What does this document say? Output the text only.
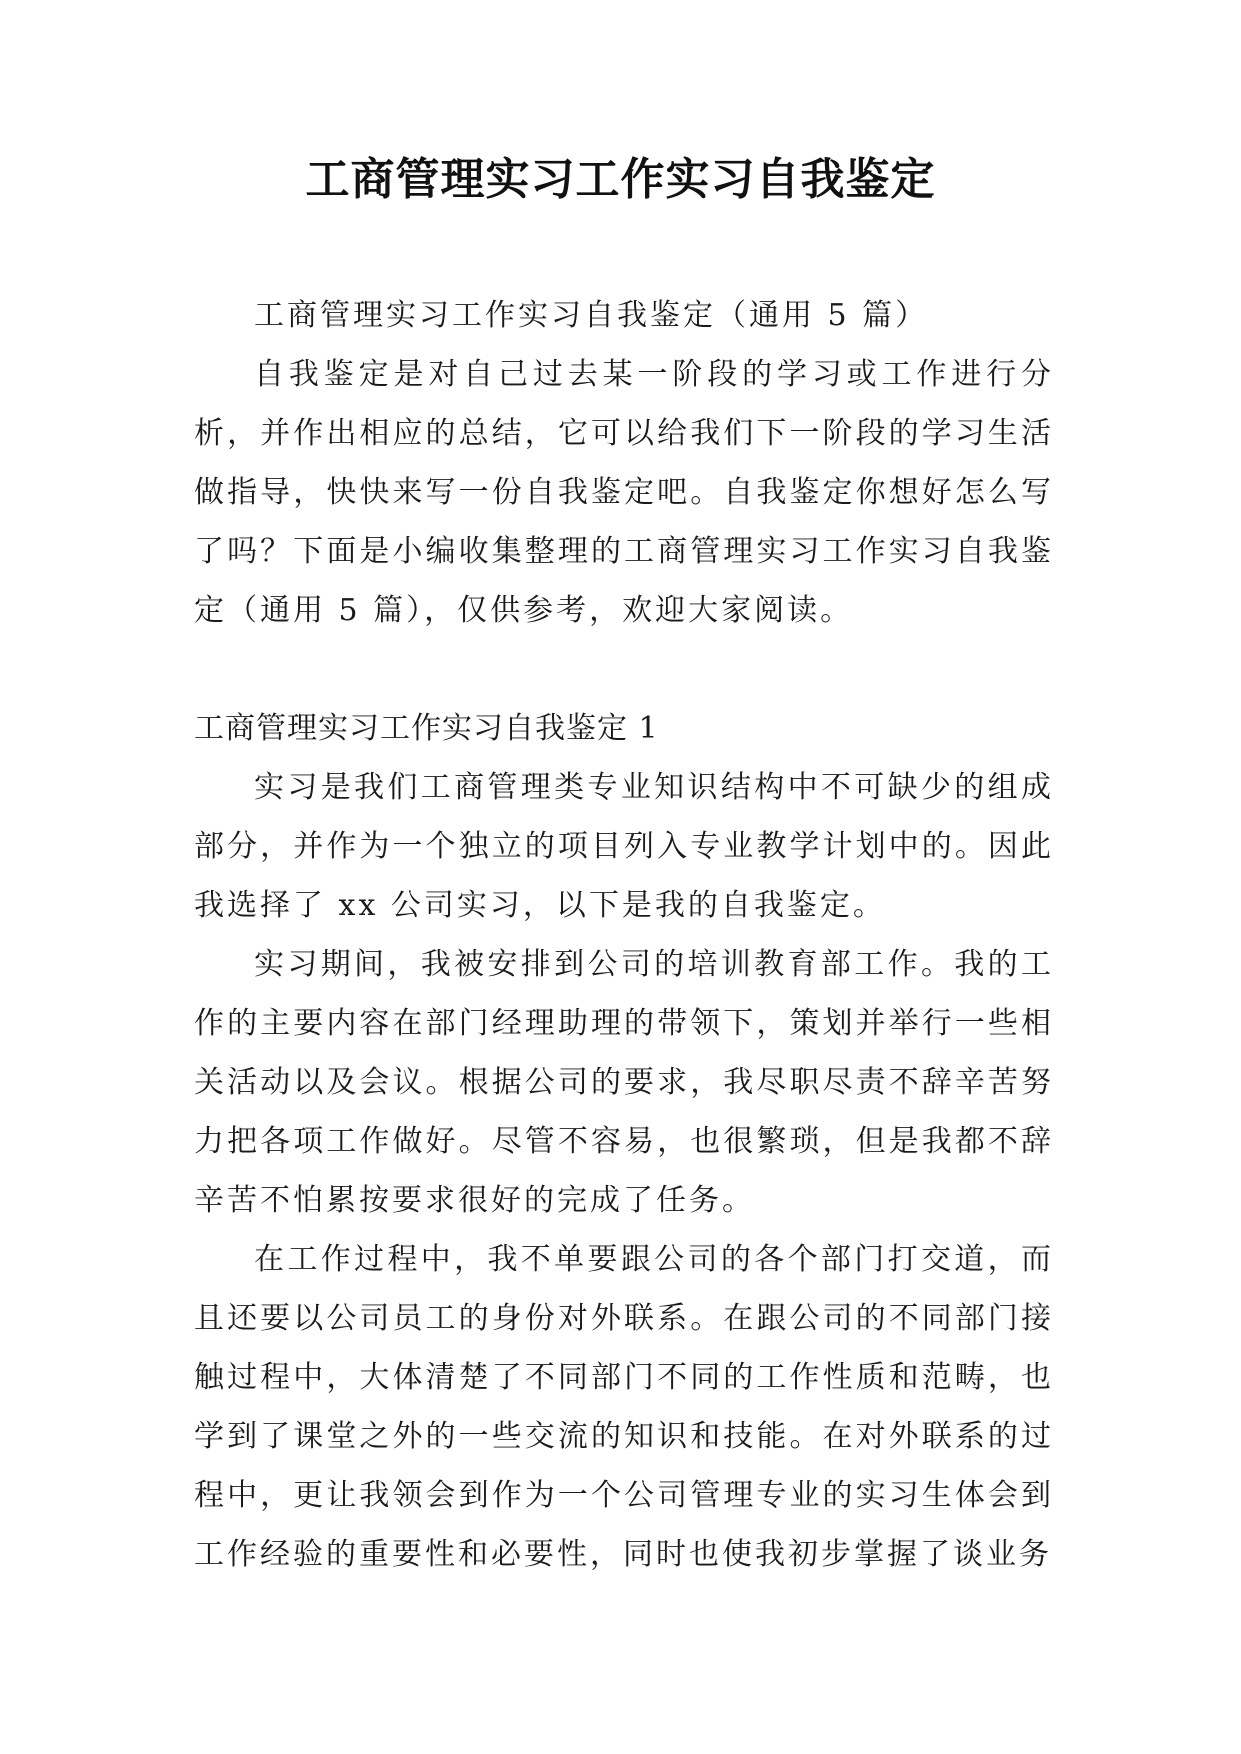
工商管理实习工作实习自我鉴定

工商管理实习工作实习自我鉴定（通用 5 篇）

自我鉴定是对自己过去某一阶段的学习或工作进行分析，并作出相应的总结，它可以给我们下一阶段的学习生活做指导，快快来写一份自我鉴定吧。自我鉴定你想好怎么写了吗？下面是小编收集整理的工商管理实习工作实习自我鉴定（通用 5 篇），仅供参考，欢迎大家阅读。

工商管理实习工作实习自我鉴定 1

实习是我们工商管理类专业知识结构中不可缺少的组成部分，并作为一个独立的项目列入专业教学计划中的。因此我选择了 xx 公司实习，以下是我的自我鉴定。

实习期间，我被安排到公司的培训教育部工作。我的工作的主要内容在部门经理助理的带领下，策划并举行一些相关活动以及会议。根据公司的要求，我尽职尽责不辞辛苦努力把各项工作做好。尽管不容易，也很繁琐，但是我都不辞辛苦不怕累按要求很好的完成了任务。

在工作过程中，我不单要跟公司的各个部门打交道，而且还要以公司员工的身份对外联系。在跟公司的不同部门接触过程中，大体清楚了不同部门不同的工作性质和范畴，也学到了课堂之外的一些交流的知识和技能。在对外联系的过程中，更让我领会到作为一个公司管理专业的实习生体会到工作经验的重要性和必要性，同时也使我初步掌握了谈业务
